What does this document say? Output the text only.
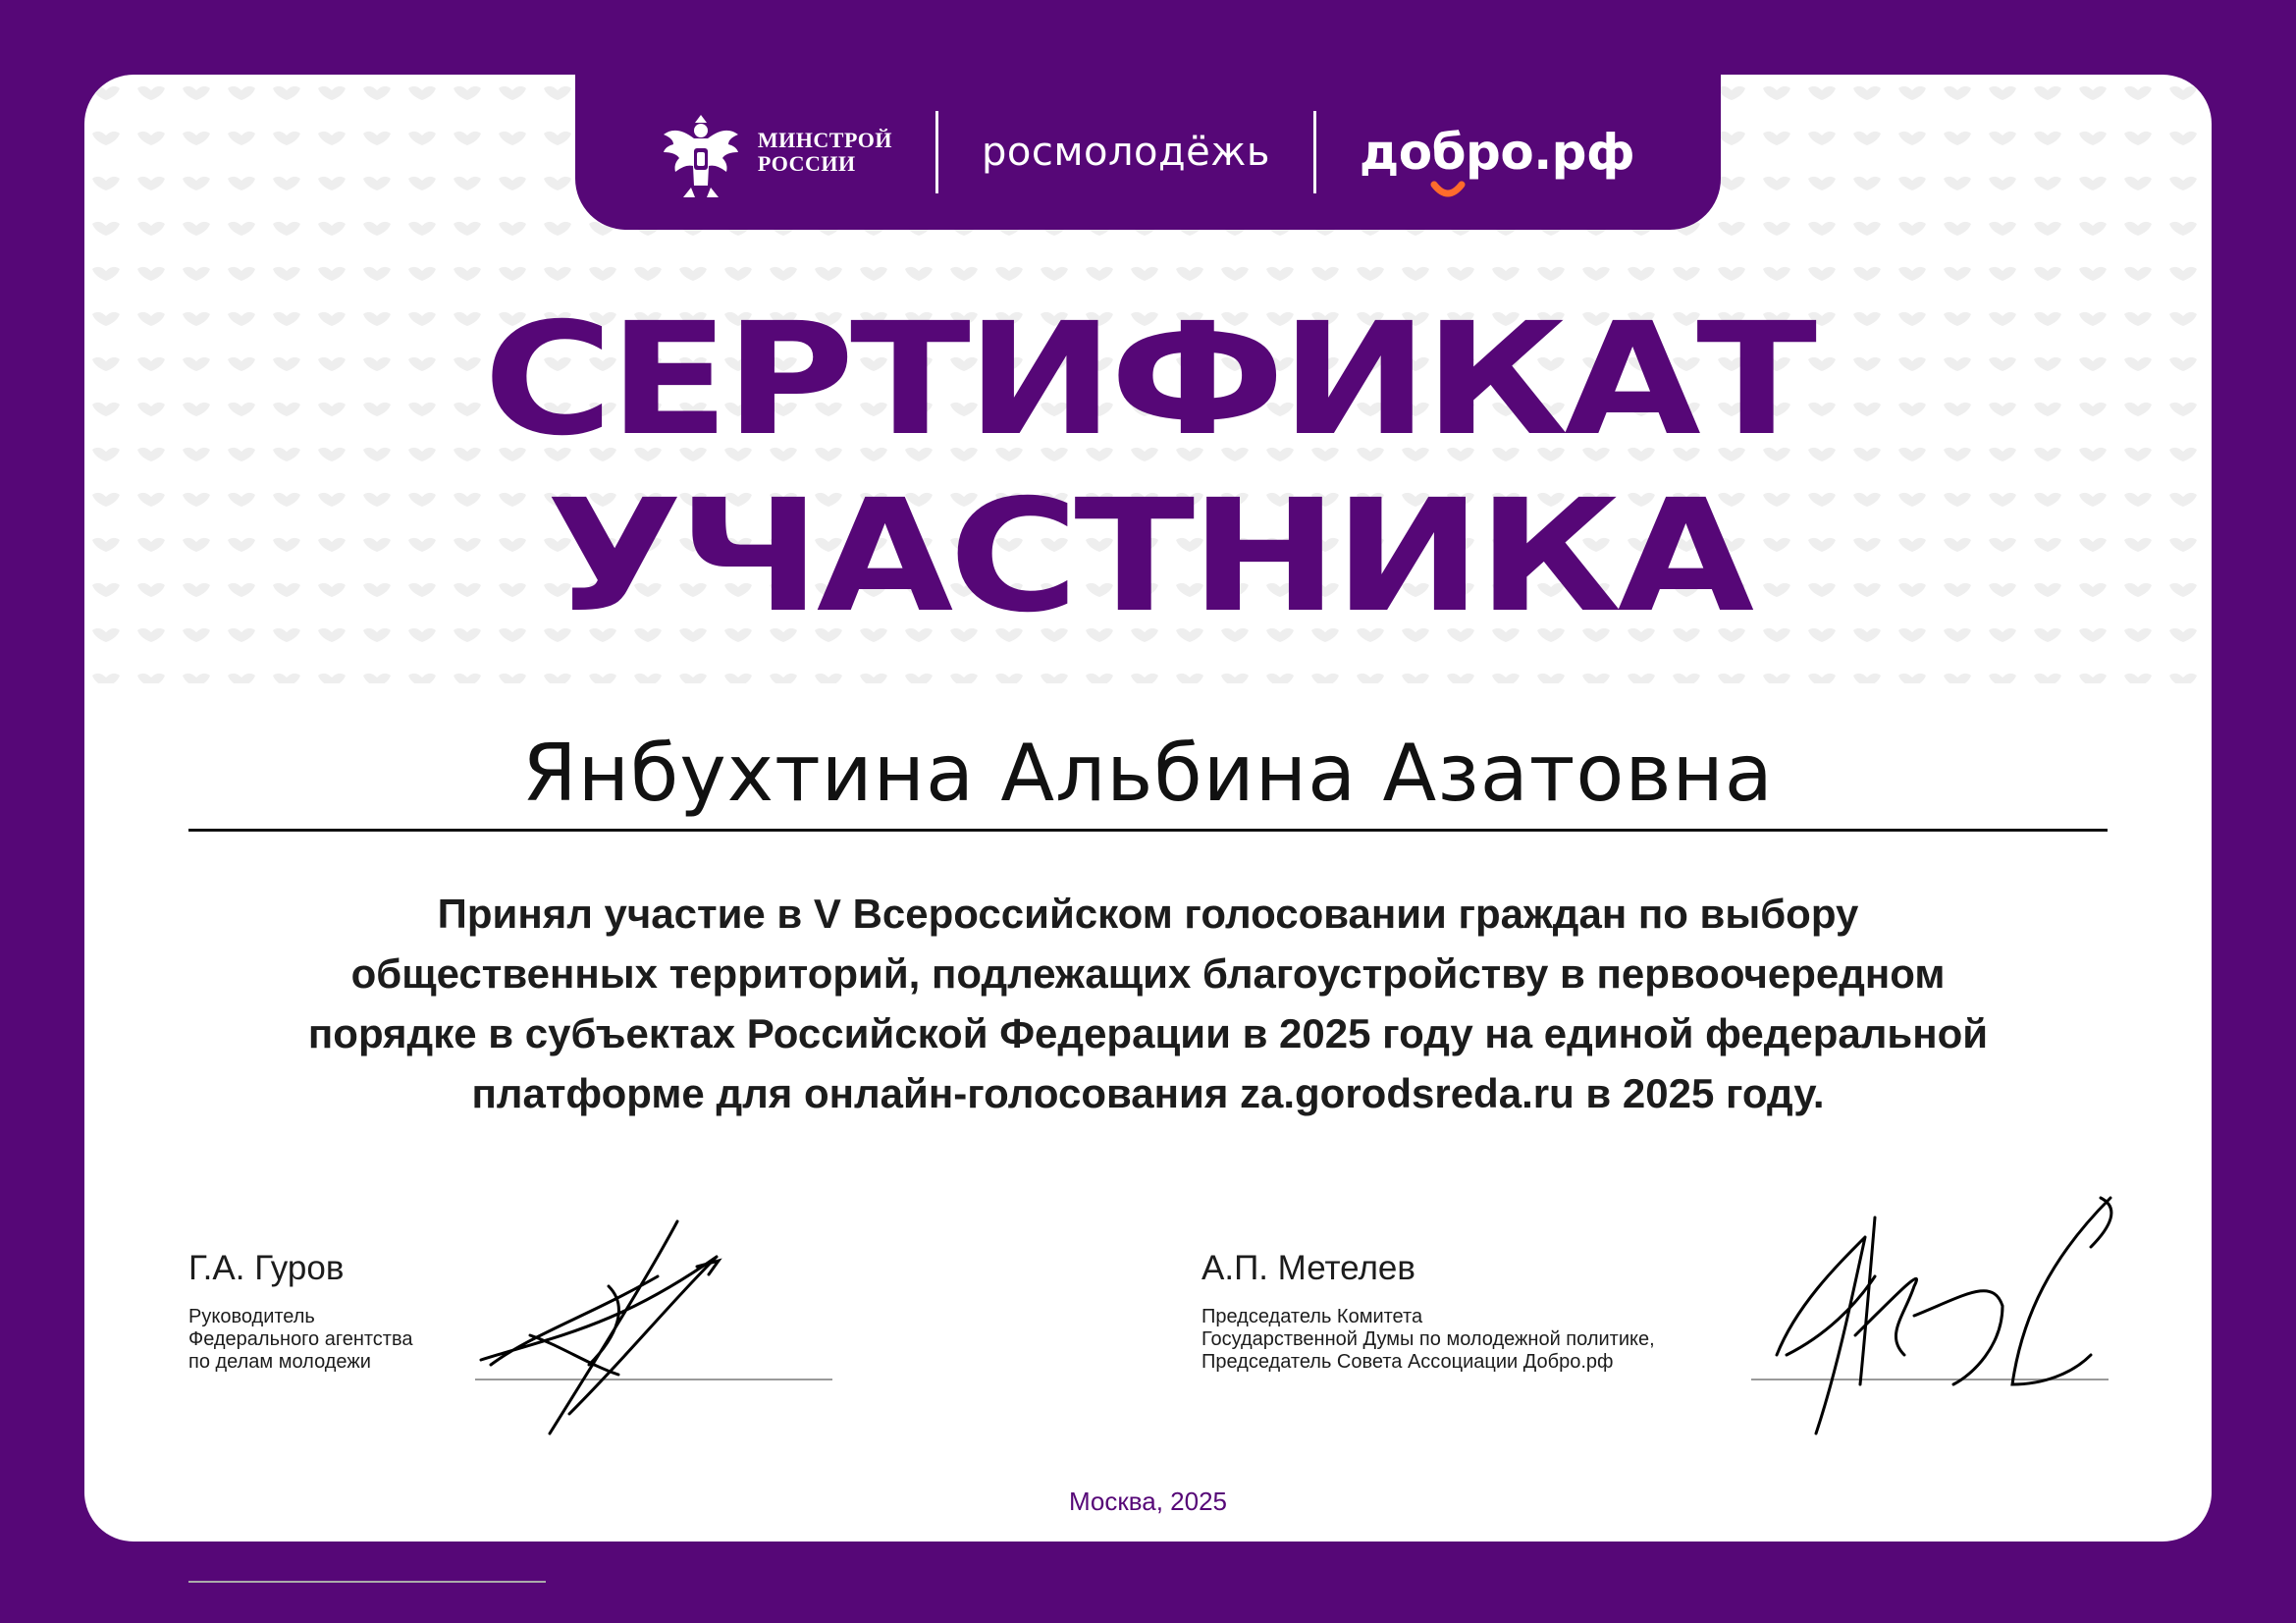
МИНСТРОЙ
РОССИИ	росмолодёжь добро.рф
СЕРТИФИКАТ
УЧАСТНИКА
Янбухтина Альбина Азатовна
Принял участие в V Всероссийском голосовании граждан по выбору
общественных территорий, подлежащих благоустройству в первоочередном
порядке в субъектах Российской Федерации в 2025 году на единой федеральной
платформе для онлайн-голосования za.gorodsreda.ru в 2025 году.
Г.А. Гуров
Руководитель
Федерального агентства
по делам молодежи
А.П. Метелев
Председатель Комитета
Государственной Думы по молодежной политике,
Председатель Совета Ассоциации Добро.рф
Москва, 2025
